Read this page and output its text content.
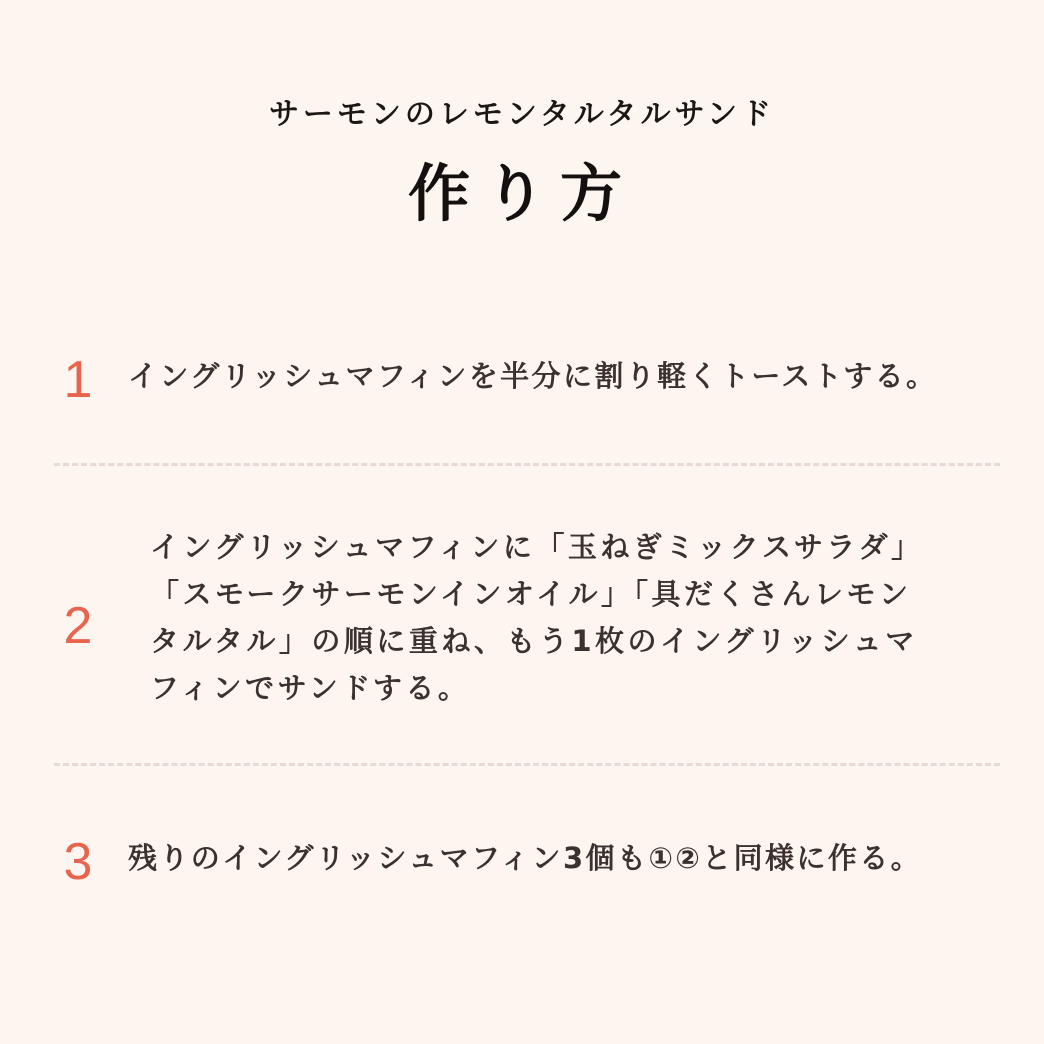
サーモンのレモンタルタルサンド
作り方
1	イングリッシュマフィンを半分に割り軽くトーストする。
2
イングリッシュマフィンに「玉ねぎミックスサラダ」
「スモークサーモンインオイル」「具だくさんレモン
タルタル」の順に重ね、もう1枚のイングリッシュマ
フィンでサンドする。
3	残りのイングリッシュマフィン3個も①②と同様に作る。
